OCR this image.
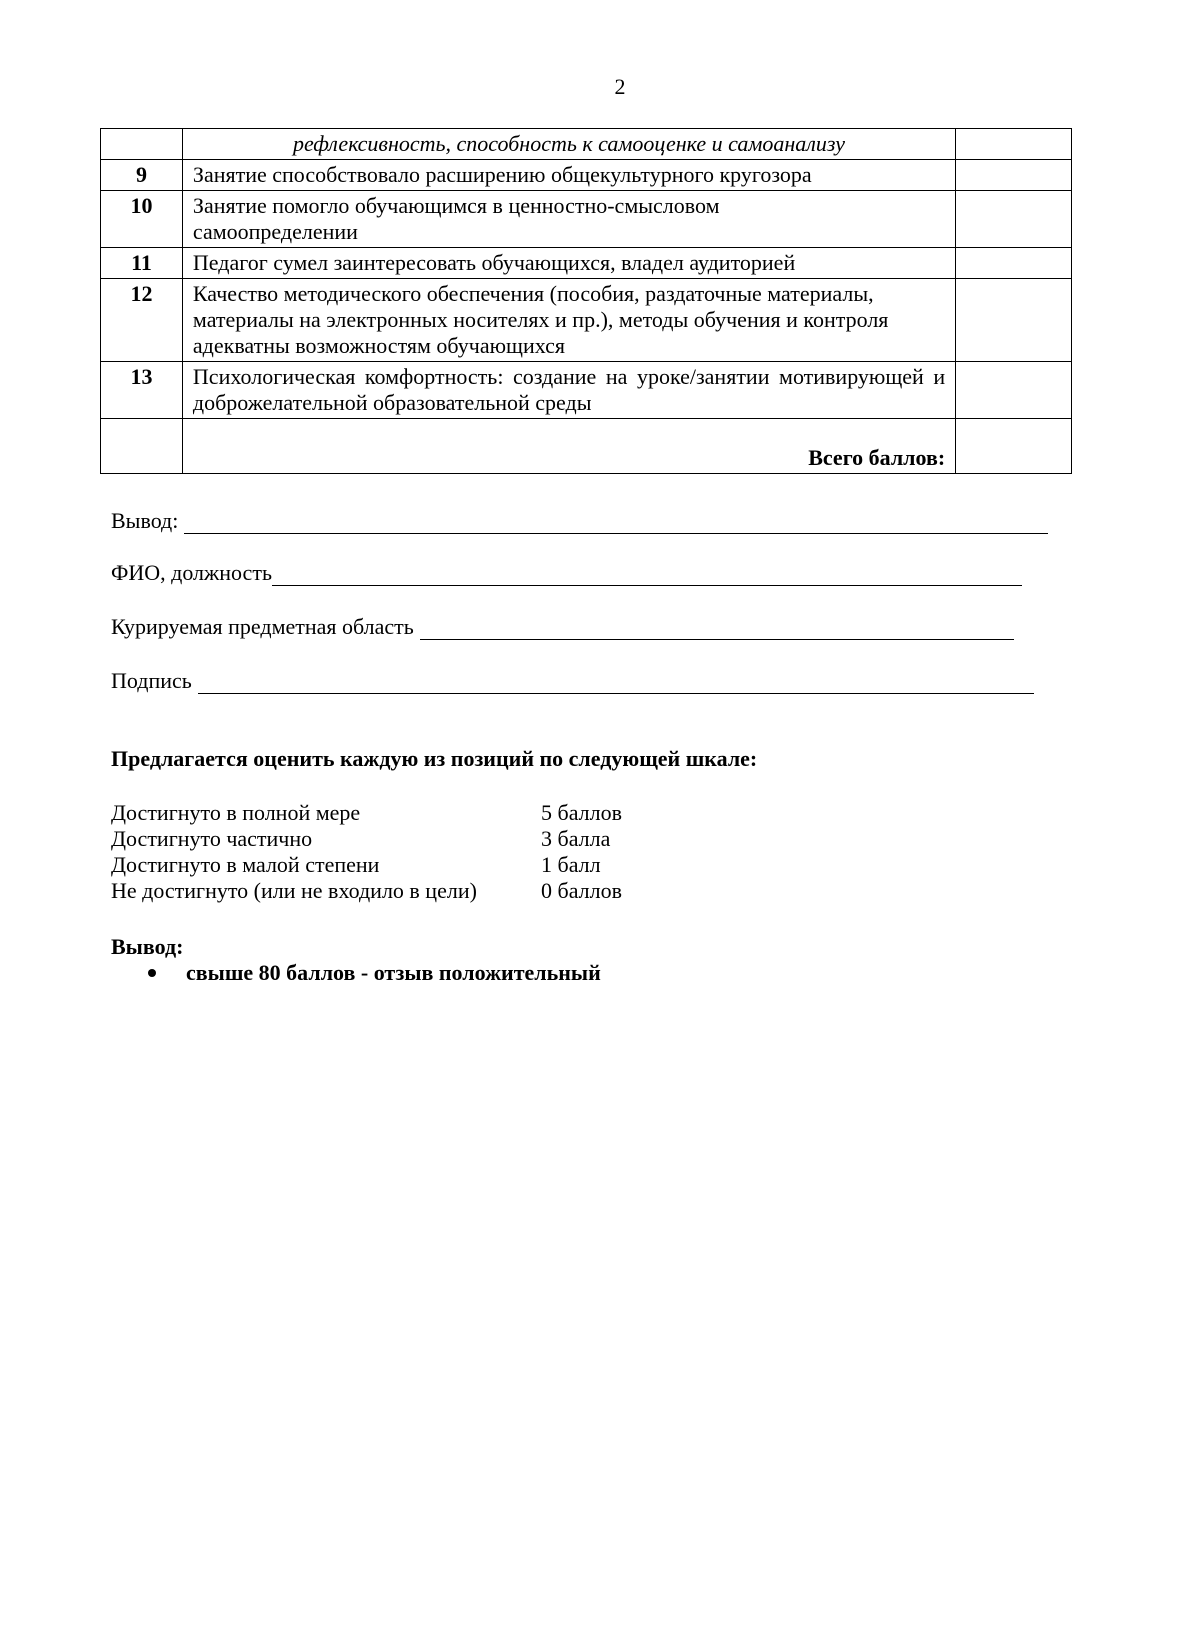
2
	рефлексивность, способность к самооценке и самоанализу	
9	Занятие способствовало расширению общекультурного кругозора	
10	Занятие помогло обучающимся в ценностно-смысловом самоопределении	
11	Педагог сумел заинтересовать обучающихся, владел аудиторией	
12	Качество методического обеспечения (пособия, раздаточные материалы, материалы на электронных носителях и пр.), методы обучения и контроля адекватны возможностям обучающихся	
13	Психологическая комфортность: создание на уроке/занятии мотивирующей и доброжелательной образовательной среды	
	Всего баллов:	
Вывод:
ФИО, должность
Курируемая предметная область
Подпись
Предлагается оценить каждую из позиций по следующей шкале:
Достигнуто в полной мере	5 баллов
Достигнуто частично	3 балла
Достигнуто в малой степени	1 балл
Не достигнуто (или не входило в цели)	0 баллов
Вывод:
свыше 80 баллов - отзыв положительный
